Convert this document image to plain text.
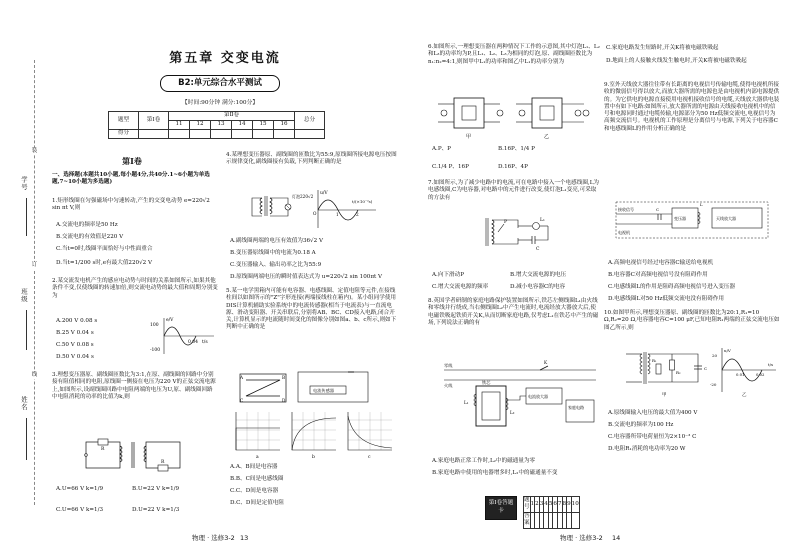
学号
班级
姓名
装
订
线
第五章 交变电流
B2:单元综合水平测试
【时间:90分钟 满分:100分】
题型	第Ⅰ卷	第Ⅱ卷						总分
		11	12	13	14	15	16	
得分								
第Ⅰ卷
一、选择题(本题共10小题,每小题4分,共40分.1~6小题为单选题,7~10小题为多选题)
1.矩形线圈在匀强磁场中匀速转动,产生的交变电动势 e=220√2 sin πt V,则
A.交流电的频率是50 Hz
B.交流电的有效值是220 V
C.当t=0时,线圈平面恰好与中性面重合
D.当t=1/200 s时,e有最大值220√2 V
2.某交流发电机产生的感应电动势与时间的关系如图所示,如果其他条件不变,仅使线圈的转速加倍,则交流电动势的最大值和周期分别变为
A.200 V 0.08 s
B.25 V 0.04 s
C.50 V 0.08 s
D.50 V 0.04 s
e/V
100
-100
0.04 t/s
3.理想变压器原、副线圈匝数比为3:1,在原、副线圈的回路中分别接有阻值相同的电阻,原线圈一侧接在电压为220 V的正弦交流电源上,如图所示,设副线圈回路中电阻两端的电压为U,原、副线圈回路中电阻消耗的功率的比值为k,则
R
R
A.U=66 V k=1/9	B.U=22 V k=1/9
C.U=66 V k=1/3	D.U=22 V k=1/3
4.某理想变压器原、副线圈的匝数比为55:9,原线圈所接电源电压按图示规律变化,副线圈接有负载,下列判断正确的是
u/V
220√2
O	1	2
t/(×10⁻²s)
灯泡
A.副线圈两端的电压有效值为36√2 V
B.变压器原线圈中的电流为0.18 A
C.变压器输入、输出功率之比为55:9
D.原线圈两端电压的瞬时值表达式为 u=220√2 sin 100πt V
5.某一电学黑箱内可能有电容器、电感线圈、定值电阻等元件,在接线柱间以如图所示的"Z"字形连接(两端接线柱在箱内)。某小组同学使用DIS计算机辅助实验系统中的电流传感器(相当于电流表)与一直流电源、滑动变阻器、开关串联后,分别将AB、BC、CD接入电路,闭合开关,计算机显示的电流随时间变化的图像分别如图a、b、c所示,则如下判断中正确的是
A	B
C	D
电流传感器
a	b	c
A.A、B间是电容器
B.B、C间是电感线圈
C.C、D间是电容器
D.C、D间是定值电阻
6.如图所示,一理想变压器在两种情况下工作的示意图,其中灯泡L₁、L₂和L₃的功率均为P,且L₁、L₂、L₃为相同的灯泡,原、副线圈匝数比为n₁:n₂=4:1,则图甲中L₁的功率和图乙中L₁的功率分别为
甲	乙
A.P、P	B.16P、1/4 P
C.1/4 P、16P	D.16P、4P
7.如图所示,为了减少电路中的电流,可在电路中接入一个电感线圈,L为电感线圈,C为电容器,对电路中的元件进行改变,使灯泡L₁变亮,可采取的方法有
P	L₁
C
A.向下滑动P	B.增大交流电源的电压
C.增大交流电源的频率	D.减小电容器C的电容
8.英国学者研制的家庭电路保护装置如图所示,铁芯左侧线圈L₁由火线和零线并行绕成,当右侧线圈L₂中产生电流时,电流经放大器放大后,使电磁铁吸起铁质开关K,从而切断家庭电路,仅考虑L₁在铁芯中产生的磁场,下列说法正确的有
零线
火线
铁芯
电流放大器
家庭电路
K
L₁
L₂
A.家庭电路正常工作时,L₂中的磁通量为零
B.家庭电路中使用的电器增多时,L₂中的磁通量不变
第Ⅰ卷答题卡
题号	1	2	3	4	5	6	7	8	9	10
答案										
C.家庭电路发生短路时,开关K将被电磁铁吸起
D.地面上的人接触火线发生触电时,开关K将被电磁铁吸起
9.室外天线放大器往往带有长距离的电视信号传输电缆,使得电视机所接收的微弱信号得以放大,而放大器所需的电源也是由电视机内部电源提供的。为它供电的电源直接使用电视机接收信号的电缆,天线放大器供电装置中有如下电路:如图所示,放大器所需的电源由天线接收电视机中的信号和电源同时通过电缆传输,电源部分为50 Hz低频交流电,电视信号为高频交流信号。电视机的工作原理是分离信号与电源,下列关于电容器C和电感线圈L的作用分析正确的是
接收信号
电视机
天线放大器
变压器
L
C
A.高频电视信号经过电容器C输送给电视机
B.电容器C对高频电视信号没有阻碍作用
C.电感线圈L的作用是阻碍高频电视信号进入变压器
D.电感线圈L对50 Hz低频交流电没有阻碍作用
10.如图甲所示,理想变压器原、副线圈的匝数比为20:1,R₁=10 Ω,R₂=20 Ω,电容器电容C=100 μF,已知电阻R₁两端的正弦交流电压如图乙所示,则
R₁
R₂
C
甲
u/V
20
-20
0.01	0.02
t/s
乙
A.原线圈输入电压的最大值为400 V
B.交流电的频率为100 Hz
C.电容器所带电荷量恒为2×10⁻³ C
D.电阻R₁消耗的电功率为20 W
物理 · 选修3-2 13	物理 · 选修3-2 14
